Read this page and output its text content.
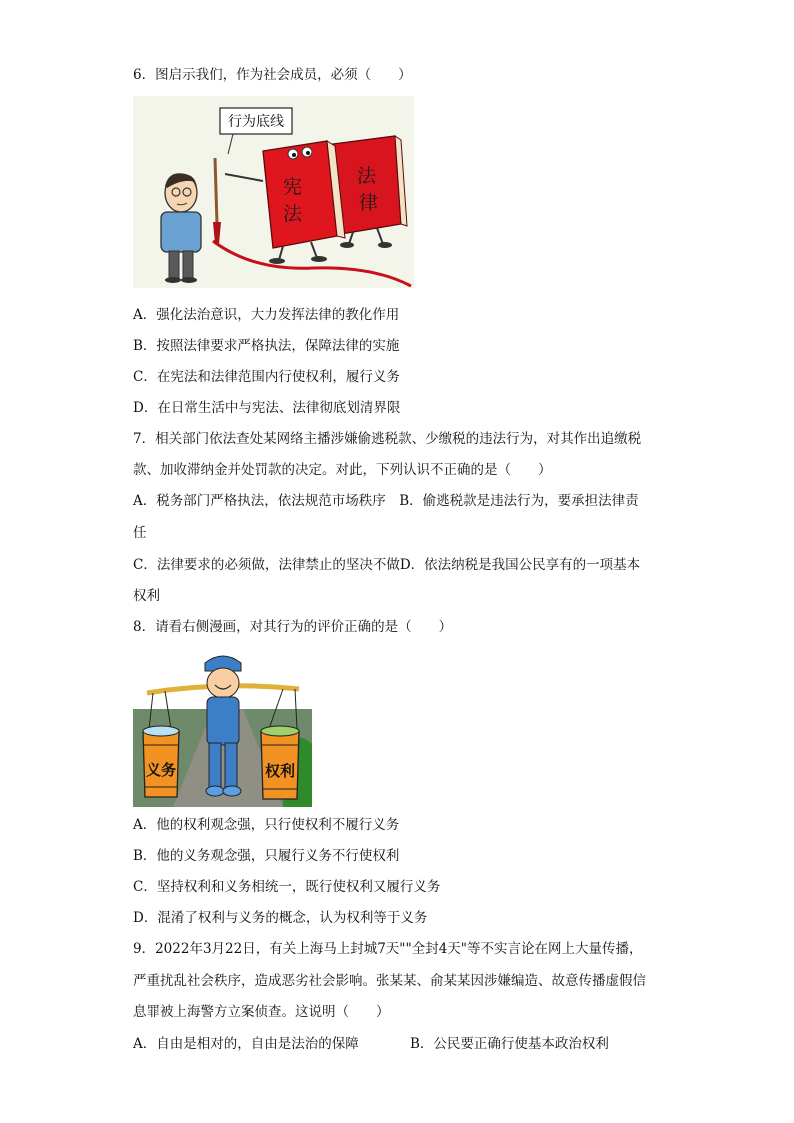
6．图启示我们，作为社会成员，必须（　　）
行为底线
法
律
宪
法
A．强化法治意识，大力发挥法律的教化作用
B．按照法律要求严格执法，保障法律的实施
C．在宪法和法律范围内行使权利，履行义务
D．在日常生活中与宪法、法律彻底划清界限
7．相关部门依法查处某网络主播涉嫌偷逃税款、少缴税的违法行为，对其作出追缴税
款、加收滞纳金并处罚款的决定。对此，下列认识不正确的是（　　）
A．税务部门严格执法，依法规范市场秩序　B．偷逃税款是违法行为，要承担法律责
任
C．法律要求的必须做，法律禁止的坚决不做D．依法纳税是我国公民享有的一项基本
权利
8．请看右侧漫画，对其行为的评价正确的是（　　）
义务	权利
A．他的权利观念强，只行使权利不履行义务
B．他的义务观念强，只履行义务不行使权利
C．坚持权利和义务相统一，既行使权利又履行义务
D．混淆了权利与义务的概念，认为权利等于义务
9．2022年3月22日，有关上海马上封城7天""全封4天"等不实言论在网上大量传播，
严重扰乱社会秩序，造成恶劣社会影响。张某某、俞某某因涉嫌编造、故意传播虚假信
息罪被上海警方立案侦查。这说明（　　）
A．自由是相对的，自由是法治的保障	B．公民要正确行使基本政治权利
